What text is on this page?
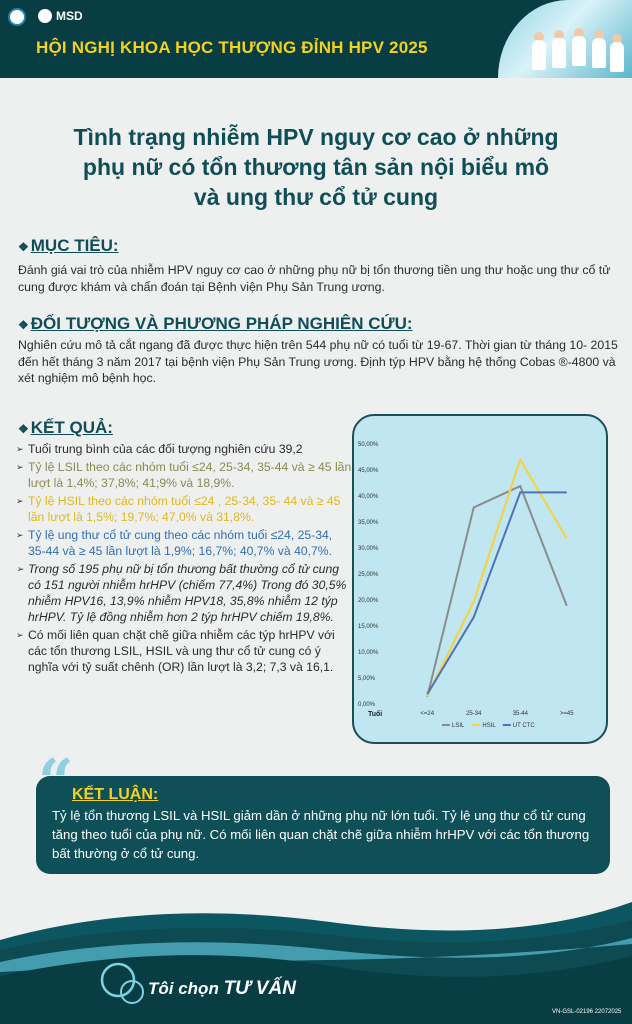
MSD
HỘI NGHỊ KHOA HỌC THƯỢNG ĐỈNH HPV 2025
Tình trạng nhiễm HPV nguy cơ cao ở những
phụ nữ có tổn thương tân sản nội biểu mô
và ung thư cổ tử cung
❖ MỤC TIÊU:
Đánh giá vai trò của nhiễm HPV nguy cơ cao ở những phụ nữ bị tổn thương tiền ung thư hoặc ung thư cổ tử cung được khám và chẩn đoán tại Bệnh viện Phụ Sản Trung ương.
❖ ĐỐI TƯỢNG VÀ PHƯƠNG PHÁP NGHIÊN CỨU:
Nghiên cứu mô tả cắt ngang đã được thực hiện trên 544 phụ nữ có tuổi từ 19-67. Thời gian từ tháng 10- 2015 đến hết tháng 3 năm 2017 tại bệnh viện Phụ Sản Trung ương. Định týp HPV bằng hệ thống Cobas ®-4800 và xét nghiệm mô bệnh học.
❖ KẾT QUẢ:
➢ Tuổi trung bình của các đối tượng nghiên cứu 39,2
➢ Tỷ lệ LSIL theo các nhóm tuổi ≤24, 25-34, 35-44 và ≥ 45 lần lượt là 1,4%; 37,8%; 41;9% và 18,9%.
➢ Tỷ lệ HSIL theo các nhóm tuổi ≤24 , 25-34, 35- 44 và ≥ 45 lần lượt là 1,5%; 19,7%; 47,0% và 31,8%.
➢ Tỷ lệ ung thư cổ tử cung theo các nhóm tuổi ≤24, 25-34, 35-44 và ≥ 45 lần lượt là 1,9%; 16,7%; 40,7% và 40,7%.
➢ Trong số 195 phụ nữ bị tổn thương bất thường cổ tử cung có 151 người nhiễm hrHPV (chiếm 77,4%) Trong đó 30,5% nhiễm HPV16, 13,9% nhiễm HPV18, 35,8% nhiễm 12 týp hrHPV. Tỷ lệ đồng nhiễm hơn 2 týp hrHPV chiếm 19,8%.
➢ Có mối liên quan chặt chẽ giữa nhiễm các týp hrHPV với các tổn thương LSIL, HSIL và ung thư cổ tử cung có ý nghĩa với tỷ suất chênh (OR) lần lượt là 3,2; 7,3 và 16,1.
0,00%
5,00%
10,00%
15,00%
20,00%
25,00%
30,00%
35,00%
40,00%
45,00%
50,00%
<=24	25-34	35-44	>=45
Tuổi
LSIL	HSIL	UT CTC
KẾT LUẬN:
Tỷ lệ tổn thương LSIL và HSIL giảm dần ở những phụ nữ lớn tuổi. Tỷ lệ ung thư cổ tử cung tăng theo tuổi của phụ nữ. Có mối liên quan chặt chẽ giữa nhiễm hrHPV với các tổn thương bất thường ở cổ tử cung.
“
Tôi chọn TƯ VẤN
VN-GSL-02196 22072025
